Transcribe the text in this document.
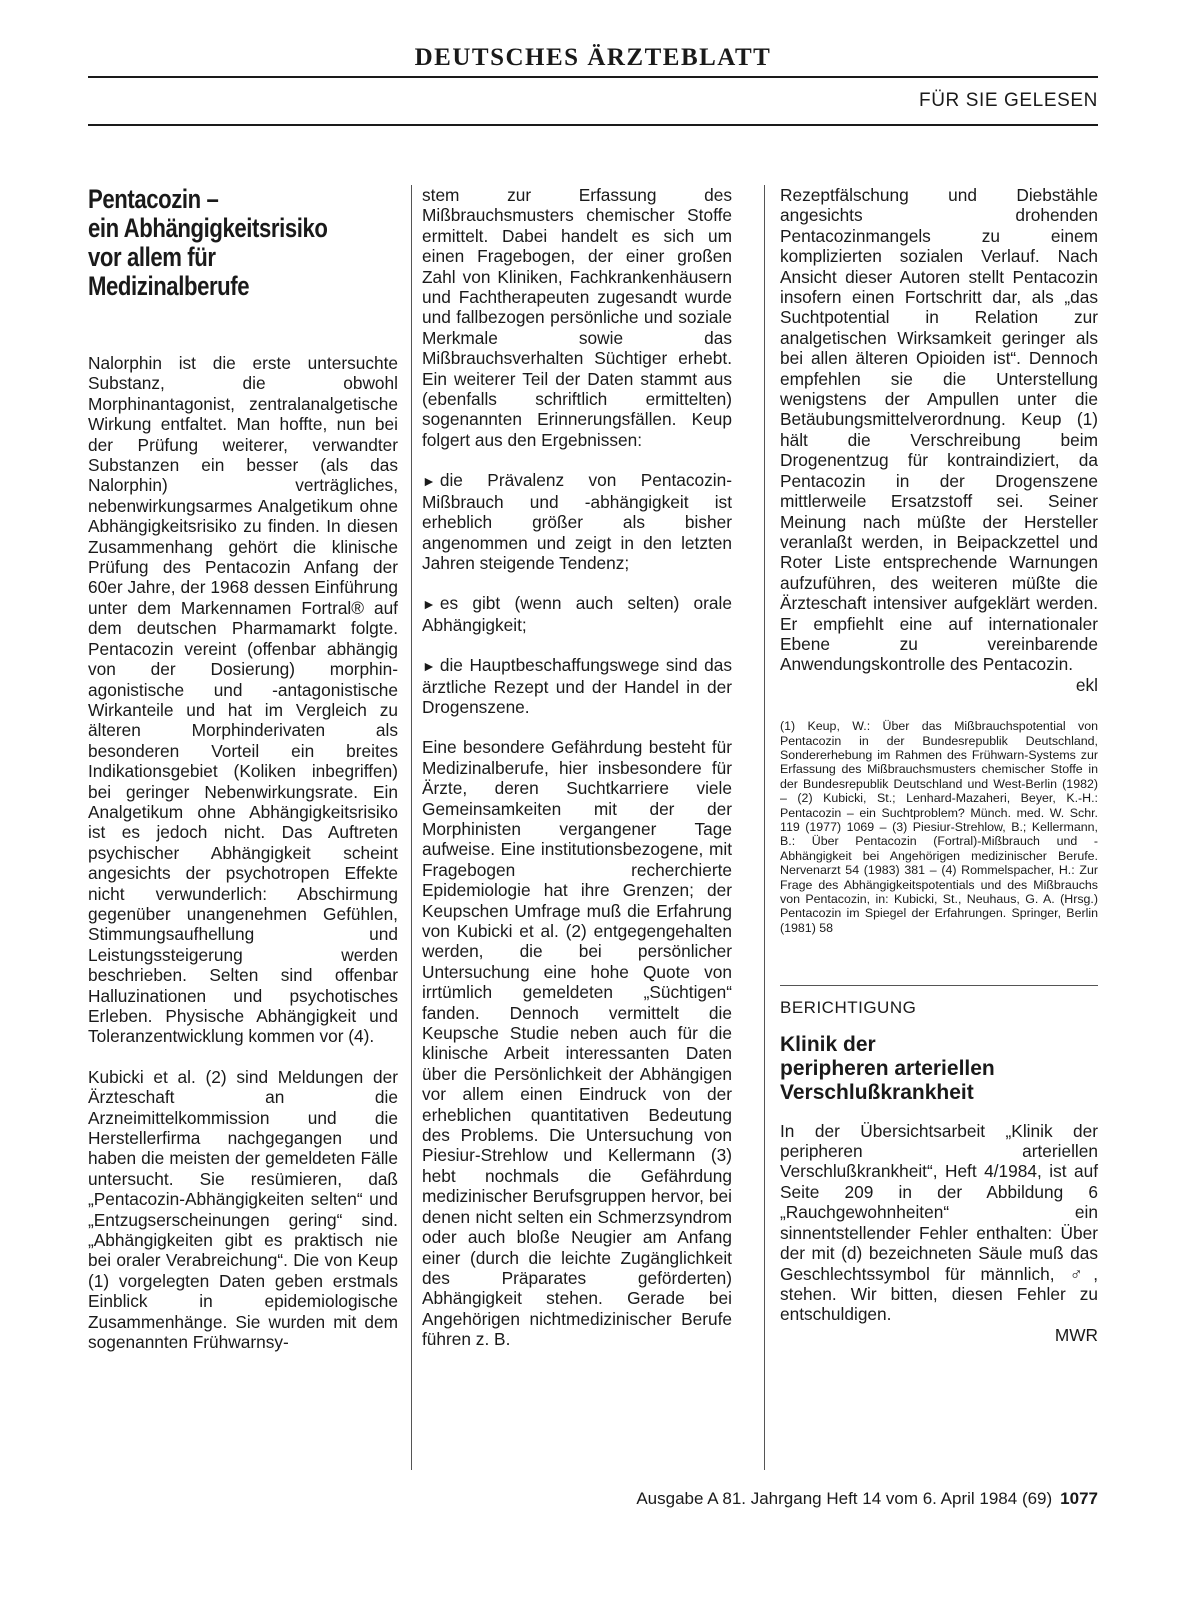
DEUTSCHES ÄRZTEBLATT
FÜR SIE GELESEN
Pentacozin –
ein Abhängigkeitsrisiko
vor allem für
Medizinalberufe

Nalorphin ist die erste untersuchte Substanz, die obwohl Morphinantagonist, zentralanalgetische Wirkung entfaltet. Man hoffte, nun bei der Prüfung weiterer, verwandter Substanzen ein besser (als das Nalorphin) verträgliches, nebenwirkungsarmes Analgetikum ohne Abhängigkeitsrisiko zu finden. In diesen Zusammenhang gehört die klinische Prüfung des Pentacozin Anfang der 60er Jahre, der 1968 dessen Einführung unter dem Markennamen Fortral® auf dem deutschen Pharmamarkt folgte. Pentacozin vereint (offenbar abhängig von der Dosierung) morphin-agonistische und -antagonistische Wirkanteile und hat im Vergleich zu älteren Morphinderivaten als besonderen Vorteil ein breites Indikationsgebiet (Koliken inbegriffen) bei geringer Nebenwirkungsrate. Ein Analgetikum ohne Abhängigkeitsrisiko ist es jedoch nicht. Das Auftreten psychischer Abhängigkeit scheint angesichts der psychotropen Effekte nicht verwunderlich: Abschirmung gegenüber unangenehmen Gefühlen, Stimmungsaufhellung und Leistungssteigerung werden beschrieben. Selten sind offenbar Halluzinationen und psychotisches Erleben. Physische Abhängigkeit und Toleranzentwicklung kommen vor (4).

Kubicki et al. (2) sind Meldungen der Ärzteschaft an die Arzneimittelkommission und die Herstellerfirma nachgegangen und haben die meisten der gemeldeten Fälle untersucht. Sie resümieren, daß „Pentacozin-Abhängigkeiten selten“ und „Entzugserscheinungen gering“ sind. „Abhängigkeiten gibt es praktisch nie bei oraler Verabreichung“. Die von Keup (1) vorgelegten Daten geben erstmals Einblick in epidemiologische Zusammenhänge. Sie wurden mit dem sogenannten Frühwarnsy-

stem zur Erfassung des Mißbrauchsmusters chemischer Stoffe ermittelt. Dabei handelt es sich um einen Fragebogen, der einer großen Zahl von Kliniken, Fachkrankenhäusern und Fachtherapeuten zugesandt wurde und fallbezogen persönliche und soziale Merkmale sowie das Mißbrauchsverhalten Süchtiger erhebt. Ein weiterer Teil der Daten stammt aus (ebenfalls schriftlich ermittelten) sogenannten Erinnerungsfällen. Keup folgert aus den Ergebnissen:

► die Prävalenz von Pentacozin-Mißbrauch und -abhängigkeit ist erheblich größer als bisher angenommen und zeigt in den letzten Jahren steigende Tendenz;

► es gibt (wenn auch selten) orale Abhängigkeit;

► die Hauptbeschaffungswege sind das ärztliche Rezept und der Handel in der Drogenszene.

Eine besondere Gefährdung besteht für Medizinalberufe, hier insbesondere für Ärzte, deren Suchtkarriere viele Gemeinsamkeiten mit der der Morphinisten vergangener Tage aufweise. Eine institutionsbezogene, mit Fragebogen recherchierte Epidemiologie hat ihre Grenzen; der Keupschen Umfrage muß die Erfahrung von Kubicki et al. (2) entgegengehalten werden, die bei persönlicher Untersuchung eine hohe Quote von irrtümlich gemeldeten „Süchtigen“ fanden. Dennoch vermittelt die Keupsche Studie neben auch für die klinische Arbeit interessanten Daten über die Persönlichkeit der Abhängigen vor allem einen Eindruck von der erheblichen quantitativen Bedeutung des Problems. Die Untersuchung von Piesiur-Strehlow und Kellermann (3) hebt nochmals die Gefährdung medizinischer Berufsgruppen hervor, bei denen nicht selten ein Schmerzsyndrom oder auch bloße Neugier am Anfang einer (durch die leichte Zugänglichkeit des Präparates geförderten) Abhängigkeit stehen. Gerade bei Angehörigen nichtmedizinischer Berufe führen z. B.

Rezeptfälschung und Diebstähle angesichts drohenden Pentacozinmangels zu einem komplizierten sozialen Verlauf. Nach Ansicht dieser Autoren stellt Pentacozin insofern einen Fortschritt dar, als „das Suchtpotential in Relation zur analgetischen Wirksamkeit geringer als bei allen älteren Opioiden ist“. Dennoch empfehlen sie die Unterstellung wenigstens der Ampullen unter die Betäubungsmittelverordnung. Keup (1) hält die Verschreibung beim Drogenentzug für kontraindiziert, da Pentacozin in der Drogenszene mittlerweile Ersatzstoff sei. Seiner Meinung nach müßte der Hersteller veranlaßt werden, in Beipackzettel und Roter Liste entsprechende Warnungen aufzuführen, des weiteren müßte die Ärzteschaft intensiver aufgeklärt werden. Er empfiehlt eine auf internationaler Ebene zu vereinbarende Anwendungskontrolle des Pentacozin.

ekl
(1) Keup, W.: Über das Mißbrauchspotential von Pentacozin in der Bundesrepublik Deutschland, Sondererhebung im Rahmen des Frühwarn-Systems zur Erfassung des Mißbrauchsmusters chemischer Stoffe in der Bundesrepublik Deutschland und West-Berlin (1982) – (2) Kubicki, St.; Lenhard-Mazaheri, Beyer, K.-H.: Pentacozin – ein Suchtproblem? Münch. med. W. Schr. 119 (1977) 1069 – (3) Piesiur-Strehlow, B.; Kellermann, B.: Über Pentacozin (Fortral)-Mißbrauch und -Abhängigkeit bei Angehörigen medizinischer Berufe. Nervenarzt 54 (1983) 381 – (4) Rommelspacher, H.: Zur Frage des Abhängigkeitspotentials und des Mißbrauchs von Pentacozin, in: Kubicki, St., Neuhaus, G. A. (Hrsg.) Pentacozin im Spiegel der Erfahrungen. Springer, Berlin (1981) 58
BERICHTIGUNG
Klinik der
peripheren arteriellen
Verschlußkrankheit

In der Übersichtsarbeit „Klinik der peripheren arteriellen Verschlußkrankheit“, Heft 4/1984, ist auf Seite 209 in der Abbildung 6 „Rauchgewohnheiten“ ein sinnentstellender Fehler enthalten: Über der mit (d) bezeichneten Säule muß das Geschlechtssymbol für männlich, ♂, stehen. Wir bitten, diesen Fehler zu entschuldigen.

MWR
Ausgabe A 81. Jahrgang Heft 14 vom 6. April 1984 (69) 1077
